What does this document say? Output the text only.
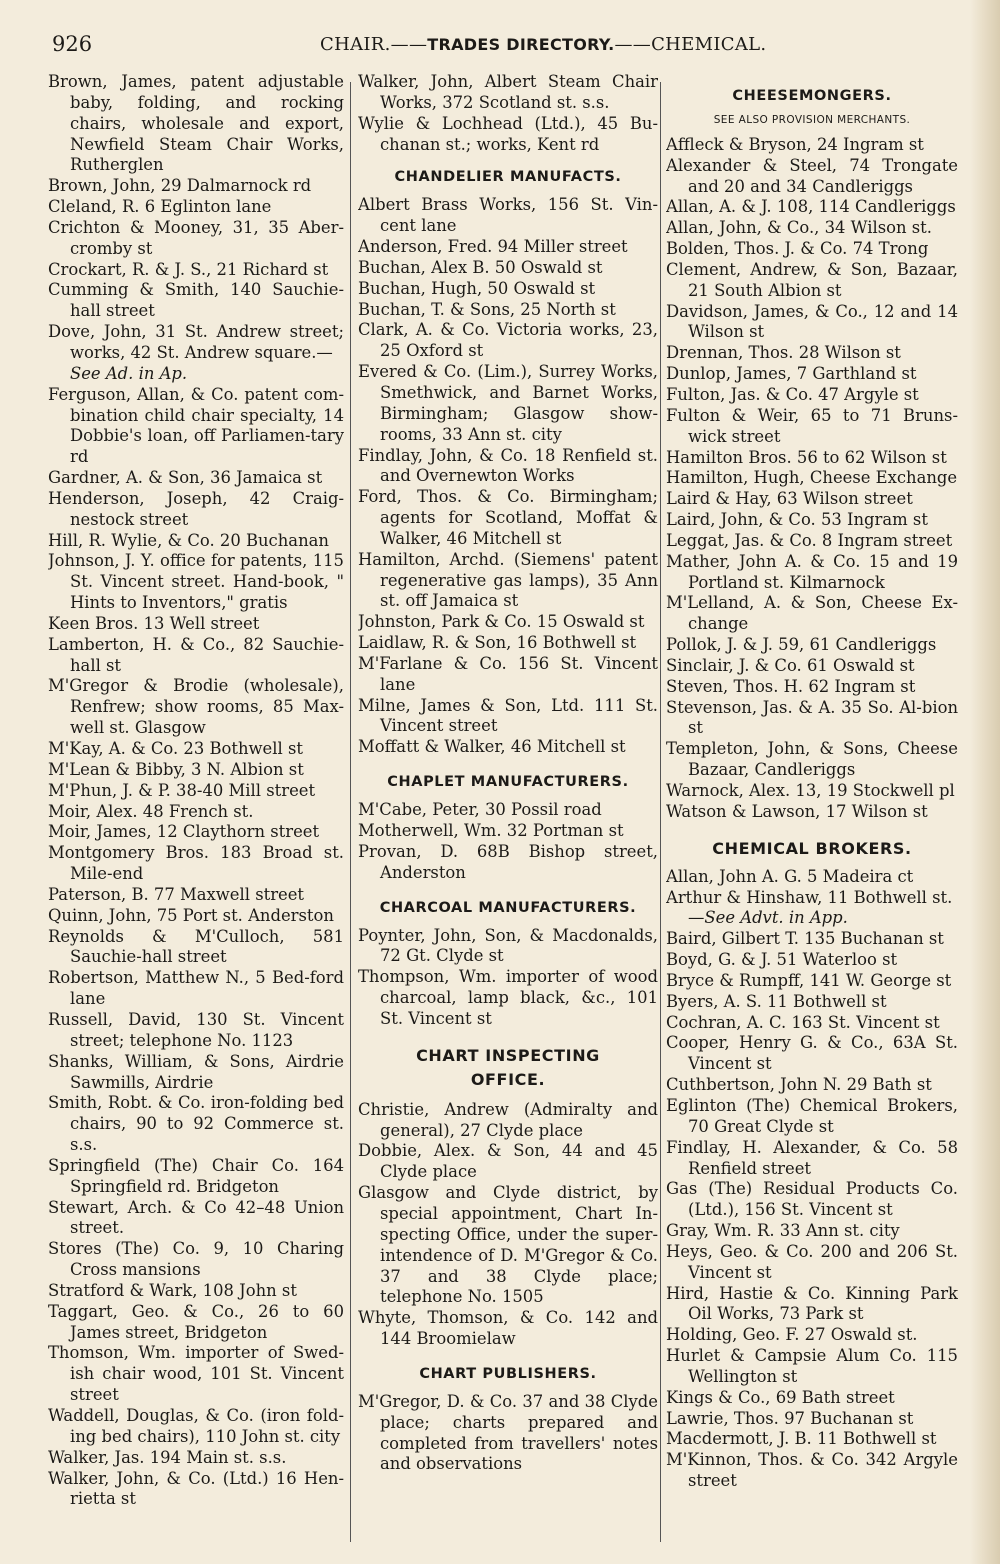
926	CHAIR.——TRADES DIRECTORY.——CHEMICAL.
Brown, James, patent adjustable baby, folding, and rocking chairs, wholesale and export, Newfield Steam Chair Works, Rutherglen
Brown, John, 29 Dalmarnock rd
Cleland, R. 6 Eglinton lane
Crichton & Mooney, 31, 35 Aber-cromby st
Crockart, R. & J. S., 21 Richard st
Cumming & Smith, 140 Sauchie-hall street
Dove, John, 31 St. Andrew street; works, 42 St. Andrew square.—
See Ad. in Ap.
Ferguson, Allan, & Co. patent com-bination child chair specialty, 14 Dobbie's loan, off Parliamen-tary rd
Gardner, A. & Son, 36 Jamaica st
Henderson, Joseph, 42 Craig-nestock street
Hill, R. Wylie, & Co. 20 Buchanan
Johnson, J. Y. office for patents, 115 St. Vincent street. Hand-book, " Hints to Inventors," gratis
Keen Bros. 13 Well street
Lamberton, H. & Co., 82 Sauchie-hall st
M'Gregor & Brodie (wholesale), Renfrew; show rooms, 85 Max-well st. Glasgow
M'Kay, A. & Co. 23 Bothwell st
M'Lean & Bibby, 3 N. Albion st
M'Phun, J. & P. 38-40 Mill street
Moir, Alex. 48 French st.
Moir, James, 12 Claythorn street
Montgomery Bros. 183 Broad st. Mile-end
Paterson, B. 77 Maxwell street
Quinn, John, 75 Port st. Anderston
Reynolds & M'Culloch, 581 Sauchie-hall street
Robertson, Matthew N., 5 Bed-ford lane
Russell, David, 130 St. Vincent street; telephone No. 1123
Shanks, William, & Sons, Airdrie Sawmills, Airdrie
Smith, Robt. & Co. iron-folding bed chairs, 90 to 92 Commerce st. s.s.
Springfield (The) Chair Co. 164 Springfield rd. Bridgeton
Stewart, Arch. & Co 42–48 Union street.
Stores (The) Co. 9, 10 Charing Cross mansions
Stratford & Wark, 108 John st
Taggart, Geo. & Co., 26 to 60 James street, Bridgeton
Thomson, Wm. importer of Swed-ish chair wood, 101 St. Vincent street
Waddell, Douglas, & Co. (iron fold-ing bed chairs), 110 John st. city
Walker, Jas. 194 Main st. s.s.
Walker, John, & Co. (Ltd.) 16 Hen-rietta st
Walker, John, Albert Steam Chair Works, 372 Scotland st. s.s.
Wylie & Lochhead (Ltd.), 45 Bu-chanan st.; works, Kent rd
CHANDELIER MANUFACTS.
Albert Brass Works, 156 St. Vin-cent lane
Anderson, Fred. 94 Miller street
Buchan, Alex B. 50 Oswald st
Buchan, Hugh, 50 Oswald st
Buchan, T. & Sons, 25 North st
Clark, A. & Co. Victoria works, 23, 25 Oxford st
Evered & Co. (Lim.), Surrey Works, Smethwick, and Barnet Works, Birmingham; Glasgow show-rooms, 33 Ann st. city
Findlay, John, & Co. 18 Renfield st. and Overnewton Works
Ford, Thos. & Co. Birmingham; agents for Scotland, Moffat & Walker, 46 Mitchell st
Hamilton, Archd. (Siemens' patent regenerative gas lamps), 35 Ann st. off Jamaica st
Johnston, Park & Co. 15 Oswald st
Laidlaw, R. & Son, 16 Bothwell st
M'Farlane & Co. 156 St. Vincent lane
Milne, James & Son, Ltd. 111 St. Vincent street
Moffatt & Walker, 46 Mitchell st
CHAPLET MANUFACTURERS.
M'Cabe, Peter, 30 Possil road
Motherwell, Wm. 32 Portman st
Provan, D. 68B Bishop street, Anderston
CHARCOAL MANUFACTURERS.
Poynter, John, Son, & Macdonalds, 72 Gt. Clyde st
Thompson, Wm. importer of wood charcoal, lamp black, &c., 101 St. Vincent st
CHART INSPECTING
OFFICE.
Christie, Andrew (Admiralty and general), 27 Clyde place
Dobbie, Alex. & Son, 44 and 45 Clyde place
Glasgow and Clyde district, by special appointment, Chart In-specting Office, under the super-intendence of D. M'Gregor & Co. 37 and 38 Clyde place; telephone No. 1505
Whyte, Thomson, & Co. 142 and 144 Broomielaw
CHART PUBLISHERS.
M'Gregor, D. & Co. 37 and 38 Clyde place; charts prepared and completed from travellers' notes and observations
CHEESEMONGERS.
SEE ALSO PROVISION MERCHANTS.
Affleck & Bryson, 24 Ingram st
Alexander & Steel, 74 Trongate and 20 and 34 Candleriggs
Allan, A. & J. 108, 114 Candleriggs
Allan, John, & Co., 34 Wilson st.
Bolden, Thos. J. & Co. 74 Trong
Clement, Andrew, & Son, Bazaar, 21 South Albion st
Davidson, James, & Co., 12 and 14 Wilson st
Drennan, Thos. 28 Wilson st
Dunlop, James, 7 Garthland st
Fulton, Jas. & Co. 47 Argyle st
Fulton & Weir, 65 to 71 Bruns-wick street
Hamilton Bros. 56 to 62 Wilson st
Hamilton, Hugh, Cheese Exchange
Laird & Hay, 63 Wilson street
Laird, John, & Co. 53 Ingram st
Leggat, Jas. & Co. 8 Ingram street
Mather, John A. & Co. 15 and 19 Portland st. Kilmarnock
M'Lelland, A. & Son, Cheese Ex-change
Pollok, J. & J. 59, 61 Candleriggs
Sinclair, J. & Co. 61 Oswald st
Steven, Thos. H. 62 Ingram st
Stevenson, Jas. & A. 35 So. Al-bion st
Templeton, John, & Sons, Cheese Bazaar, Candleriggs
Warnock, Alex. 13, 19 Stockwell pl
Watson & Lawson, 17 Wilson st
CHEMICAL BROKERS.
Allan, John A. G. 5 Madeira ct
Arthur & Hinshaw, 11 Bothwell st.
—See Advt. in App.
Baird, Gilbert T. 135 Buchanan st
Boyd, G. & J. 51 Waterloo st
Bryce & Rumpff, 141 W. George st
Byers, A. S. 11 Bothwell st
Cochran, A. C. 163 St. Vincent st
Cooper, Henry G. & Co., 63A St. Vincent st
Cuthbertson, John N. 29 Bath st
Eglinton (The) Chemical Brokers, 70 Great Clyde st
Findlay, H. Alexander, & Co. 58 Renfield street
Gas (The) Residual Products Co. (Ltd.), 156 St. Vincent st
Gray, Wm. R. 33 Ann st. city
Heys, Geo. & Co. 200 and 206 St. Vincent st
Hird, Hastie & Co. Kinning Park Oil Works, 73 Park st
Holding, Geo. F. 27 Oswald st.
Hurlet & Campsie Alum Co. 115 Wellington st
Kings & Co., 69 Bath street
Lawrie, Thos. 97 Buchanan st
Macdermott, J. B. 11 Bothwell st
M'Kinnon, Thos. & Co. 342 Argyle street
